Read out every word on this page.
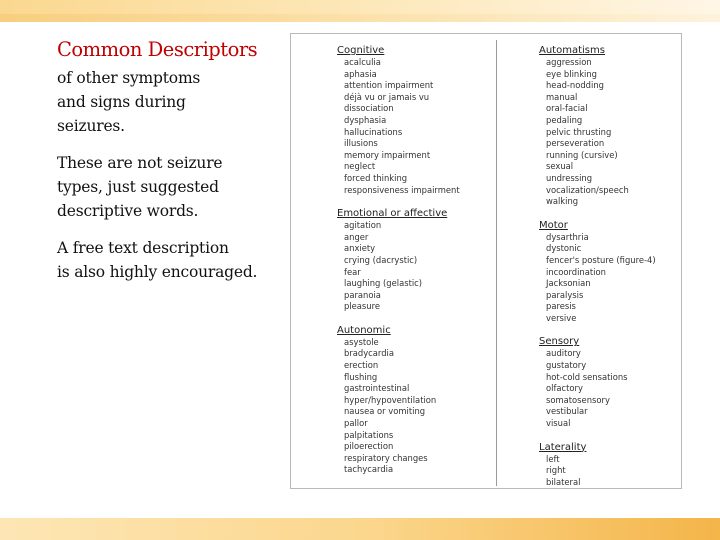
Common Descriptors

of other symptoms

and signs during

seizures.

These are not seizure

types, just suggested

descriptive words.

A free text description

is also highly encouraged.

Cognitive
acalculia
aphasia
attention impairment
déjà vu or jamais vu
dissociation
dysphasia
hallucinations
illusions
memory impairment
neglect
forced thinking
responsiveness impairment
Emotional or affective
agitation
anger
anxiety
crying (dacrystic)
fear
laughing (gelastic)
paranoia
pleasure
Autonomic
asystole
bradycardia
erection
flushing
gastrointestinal
hyper/hypoventilation
nausea or vomiting
pallor
palpitations
piloerection
respiratory changes
tachycardia
Automatisms
aggression
eye blinking
head-nodding
manual
oral-facial
pedaling
pelvic thrusting
perseveration
running (cursive)
sexual
undressing
vocalization/speech
walking
Motor
dysarthria
dystonic
fencer's posture (figure-4)
incoordination
Jacksonian
paralysis
paresis
versive
Sensory
auditory
gustatory
hot-cold sensations
olfactory
somatosensory
vestibular
visual
Laterality
left
right
bilateral
